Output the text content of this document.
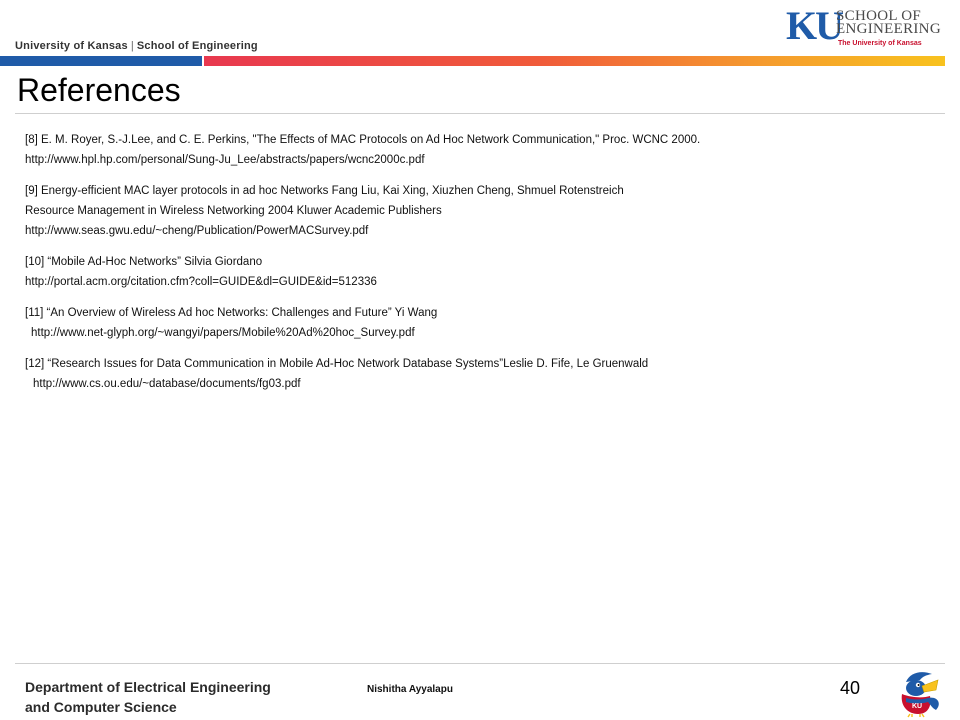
University of Kansas | School of Engineering	KU
SCHOOL OF
ENGINEERING
The University of Kansas
References
[8] E. M. Royer, S.-J.Lee, and C. E. Perkins, "The Effects of MAC Protocols on Ad Hoc Network Communication," Proc. WCNC 2000.
http://www.hpl.hp.com/personal/Sung-Ju_Lee/abstracts/papers/wcnc2000c.pdf
[9] Energy-efficient MAC layer protocols in ad hoc Networks Fang Liu, Kai Xing, Xiuzhen Cheng, Shmuel Rotenstreich
Resource Management in Wireless Networking 2004 Kluwer Academic Publishers
http://www.seas.gwu.edu/~cheng/Publication/PowerMACSurvey.pdf
[10] “Mobile Ad-Hoc Networks” Silvia Giordano
http://portal.acm.org/citation.cfm?coll=GUIDE&dl=GUIDE&id=512336
[11] “An Overview of Wireless Ad hoc Networks: Challenges and Future” Yi Wang
http://www.net-glyph.org/~wangyi/papers/Mobile%20Ad%20hoc_Survey.pdf
[12] “Research Issues for Data Communication in Mobile Ad-Hoc Network Database Systems”Leslie D. Fife, Le Gruenwald
http://www.cs.ou.edu/~database/documents/fg03.pdf
Department of Electrical Engineering
and Computer Science
Nishitha Ayyalapu	40
KU
